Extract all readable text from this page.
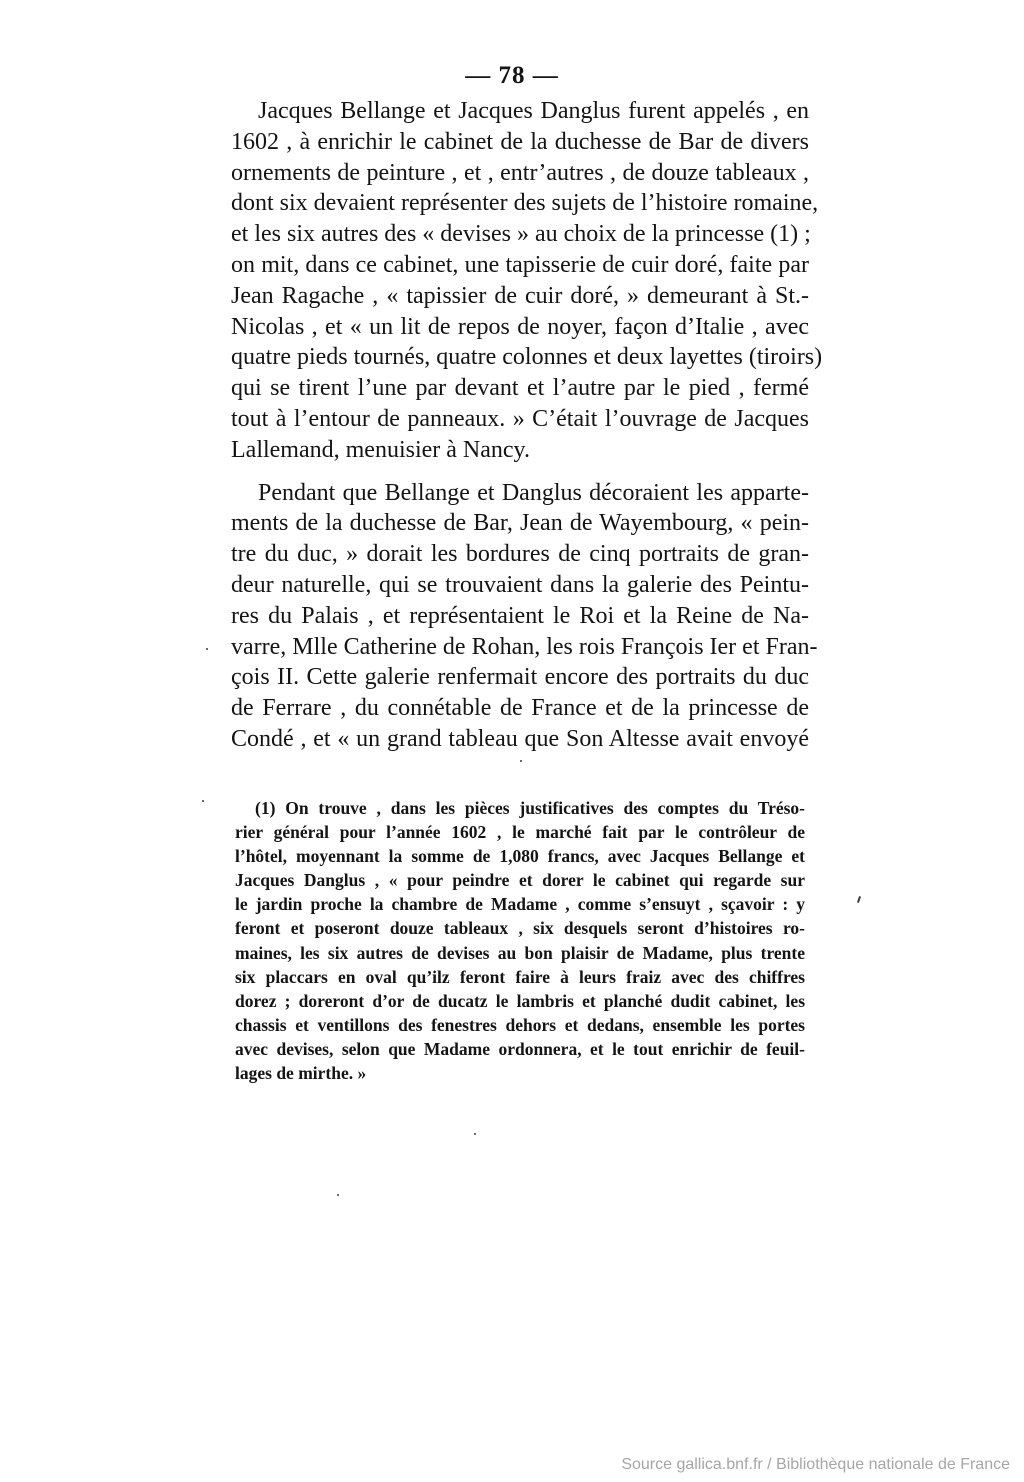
— 78 —
Jacques Bellange et Jacques Danglus furent appelés , en
1602 , à enrichir le cabinet de la duchesse de Bar de divers
ornements de peinture , et , entr’autres , de douze tableaux ,
dont six devaient représenter des sujets de l’histoire romaine,
et les six autres des « devises » au choix de la princesse (1) ;
on mit, dans ce cabinet, une tapisserie de cuir doré, faite par
Jean Ragache , « tapissier de cuir doré, » demeurant à St.-
Nicolas , et « un lit de repos de noyer, façon d’Italie , avec
quatre pieds tournés, quatre colonnes et deux layettes (tiroirs)
qui se tirent l’une par devant et l’autre par le pied , fermé
tout à l’entour de panneaux. » C’était l’ouvrage de Jacques
Lallemand, menuisier à Nancy.
Pendant que Bellange et Danglus décoraient les apparte-
ments de la duchesse de Bar, Jean de Wayembourg, « pein-
tre du duc, » dorait les bordures de cinq portraits de gran-
deur naturelle, qui se trouvaient dans la galerie des Peintu-
res du Palais , et représentaient le Roi et la Reine de Na-
varre, Mlle Catherine de Rohan, les rois François Ier et Fran-
çois II. Cette galerie renfermait encore des portraits du duc
de Ferrare , du connétable de France et de la princesse de
Condé , et « un grand tableau que Son Altesse avait envoyé
(1) On trouve , dans les pièces justificatives des comptes du Tréso-
rier général pour l’année 1602 , le marché fait par le contrôleur de
l’hôtel, moyennant la somme de 1,080 francs, avec Jacques Bellange et
Jacques Danglus , « pour peindre et dorer le cabinet qui regarde sur
le jardin proche la chambre de Madame , comme s’ensuyt , sçavoir : y
feront et poseront douze tableaux , six desquels seront d’histoires ro-
maines, les six autres de devises au bon plaisir de Madame, plus trente
six placcars en oval qu’ilz feront faire à leurs fraiz avec des chiffres
dorez ; doreront d’or de ducatz le lambris et planché dudit cabinet, les
chassis et ventillons des fenestres dehors et dedans, ensemble les portes
avec devises, selon que Madame ordonnera, et le tout enrichir de feuil-
lages de mirthe. »
Source gallica.bnf.fr / Bibliothèque nationale de France
